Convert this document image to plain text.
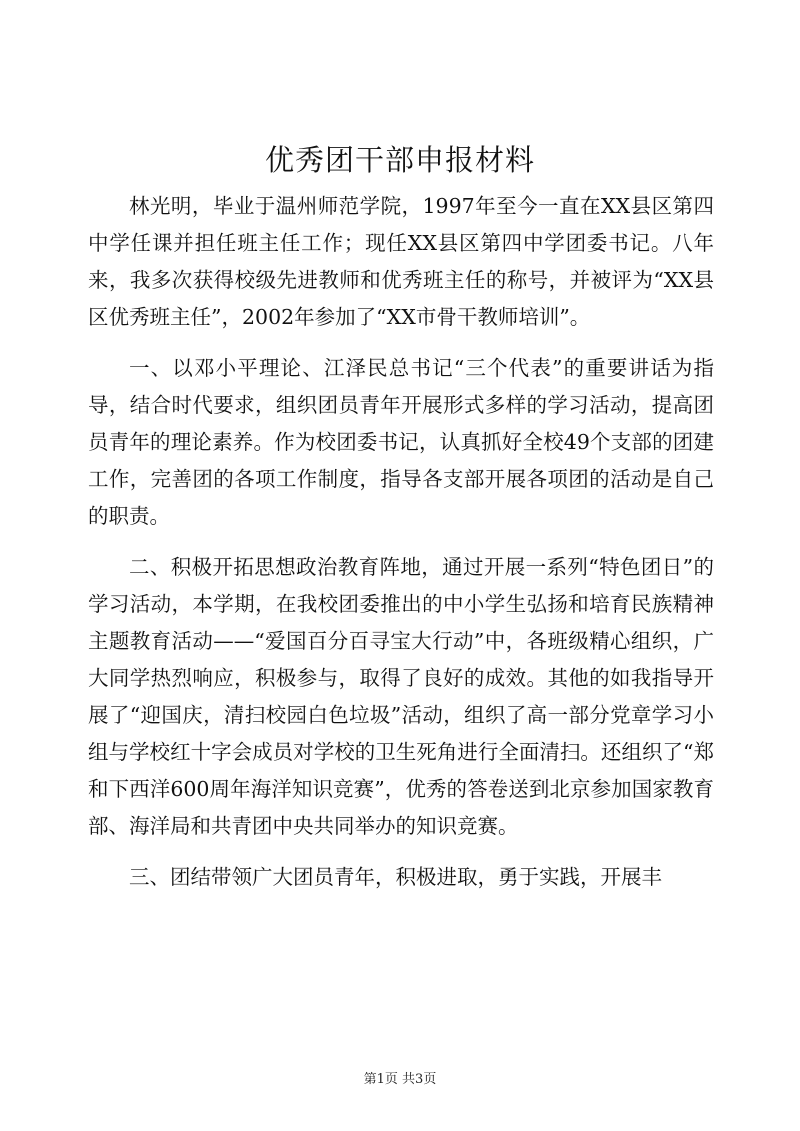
优秀团干部申报材料

林光明，毕业于温州师范学院，1997年至今一直在XX县区第四中学任课并担任班主任工作；现任XX县区第四中学团委书记。八年来，我多次获得校级先进教师和优秀班主任的称号，并被评为“XX县区优秀班主任”，2002年参加了“XX市骨干教师培训”。

一、以邓小平理论、江泽民总书记“三个代表”的重要讲话为指导，结合时代要求，组织团员青年开展形式多样的学习活动，提高团员青年的理论素养。作为校团委书记，认真抓好全校49个支部的团建工作，完善团的各项工作制度，指导各支部开展各项团的活动是自己的职责。

二、积极开拓思想政治教育阵地，通过开展一系列“特色团日”的学习活动，本学期，在我校团委推出的中小学生弘扬和培育民族精神主题教育活动——“爱国百分百寻宝大行动”中，各班级精心组织，广大同学热烈响应，积极参与，取得了良好的成效。其他的如我指导开展了“迎国庆，清扫校园白色垃圾”活动，组织了高一部分党章学习小组与学校红十字会成员对学校的卫生死角进行全面清扫。还组织了“郑和下西洋600周年海洋知识竞赛”，优秀的答卷送到北京参加国家教育部、海洋局和共青团中央共同举办的知识竞赛。

三、团结带领广大团员青年，积极进取，勇于实践，开展丰

第1页 共3页
